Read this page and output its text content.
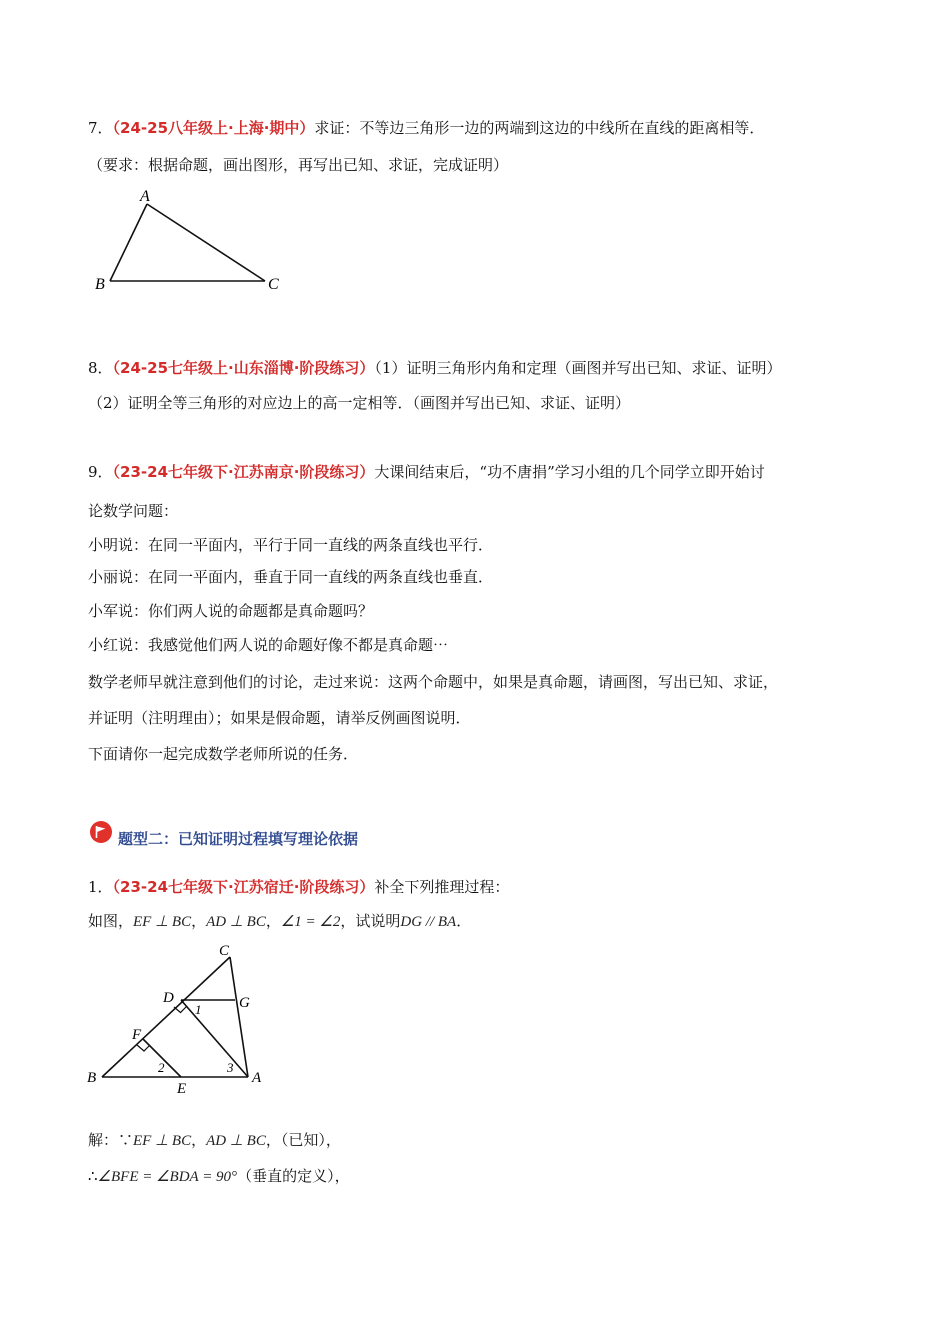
7．（24-25八年级上·上海·期中）求证：不等边三角形一边的两端到这边的中线所在直线的距离相等．
（要求：根据命题，画出图形，再写出已知、求证，完成证明）
A
B	C
8．（24-25七年级上·山东淄博·阶段练习）（1）证明三角形内角和定理（画图并写出已知、求证、证明）
（2）证明全等三角形的对应边上的高一定相等．（画图并写出已知、求证、证明）
9．（23-24七年级下·江苏南京·阶段练习）大课间结束后，“功不唐捐”学习小组的几个同学立即开始讨
论数学问题：
小明说：在同一平面内，平行于同一直线的两条直线也平行．
小丽说：在同一平面内，垂直于同一直线的两条直线也垂直．
小军说：你们两人说的命题都是真命题吗？
小红说：我感觉他们两人说的命题好像不都是真命题⋯
数学老师早就注意到他们的讨论，走过来说：这两个命题中，如果是真命题，请画图，写出已知、求证，
并证明（注明理由）；如果是假命题，请举反例画图说明．
下面请你一起完成数学老师所说的任务．
题型二：已知证明过程填写理论依据
1．（23-24七年级下·江苏宿迁·阶段练习）补全下列推理过程：
如图，EF ⊥ BC，AD ⊥ BC，∠1 = ∠2，试说明DG // BA．
C
D	G
F
B
E
A
1
2	3
解：∵EF ⊥ BC，AD ⊥ BC，（已知），
∴∠BFE = ∠BDA = 90°（垂直的定义），
